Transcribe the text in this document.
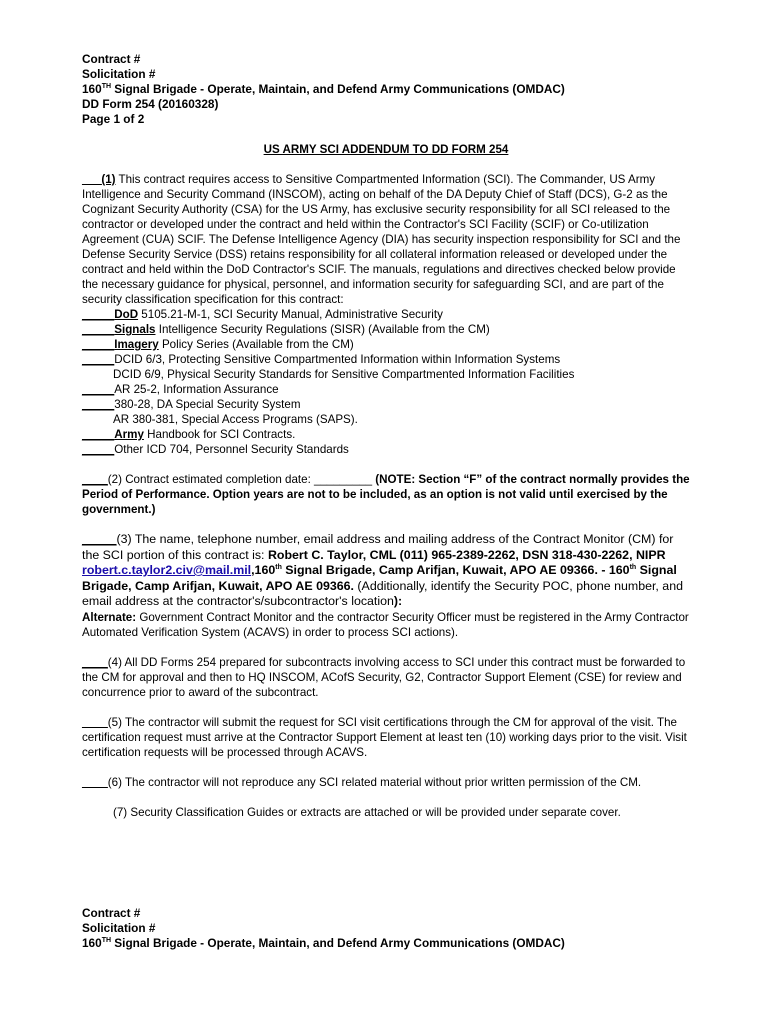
Contract #
Solicitation #
160TH Signal Brigade - Operate, Maintain, and Defend Army Communications (OMDAC)
DD Form 254 (20160328)
Page 1 of 2
US ARMY SCI ADDENDUM TO DD FORM 254
___(1) This contract requires access to Sensitive Compartmented Information (SCI). The Commander, US Army Intelligence and Security Command (INSCOM), acting on behalf of the DA Deputy Chief of Staff (DCS), G-2 as the Cognizant Security Authority (CSA) for the US Army, has exclusive security responsibility for all SCI released to the contractor or developed under the contract and held within the Contractor's SCI Facility (SCIF) or Co-utilization Agreement (CUA) SCIF. The Defense Intelligence Agency (DIA) has security inspection responsibility for SCI and the Defense Security Service (DSS) retains responsibility for all collateral information released or developed under the contract and held within the DoD Contractor's SCIF. The manuals, regulations and directives checked below provide the necessary guidance for physical, personnel, and information security for safeguarding SCI, and are part of the security classification specification for this contract:
_____DoD 5105.21-M-1, SCI Security Manual, Administrative Security
_____Signals Intelligence Security Regulations (SISR) (Available from the CM)
_____Imagery Policy Series (Available from the CM)
_____DCID 6/3, Protecting Sensitive Compartmented Information within Information Systems
DCID 6/9, Physical Security Standards for Sensitive Compartmented Information Facilities
_____AR 25-2, Information Assurance
_____380-28, DA Special Security System
AR 380-381, Special Access Programs (SAPS).
_____Army Handbook for SCI Contracts.
_____Other ICD 704, Personnel Security Standards
____(2) Contract estimated completion date: _________ (NOTE: Section “F” of the contract normally provides the Period of Performance. Option years are not to be included, as an option is not valid until exercised by the government.)
_____(3) The name, telephone number, email address and mailing address of the Contract Monitor (CM) for the SCI portion of this contract is: Robert C. Taylor, CML (011) 965-2389-2262, DSN 318-430-2262, NIPR robert.c.taylor2.civ@mail.mil,160th Signal Brigade, Camp Arifjan, Kuwait, APO AE 09366. - 160th Signal Brigade, Camp Arifjan, Kuwait, APO AE 09366. (Additionally, identify the Security POC, phone number, and email address at the contractor's/subcontractor's location):
Alternate: Government Contract Monitor and the contractor Security Officer must be registered in the Army Contractor Automated Verification System (ACAVS) in order to process SCI actions).
____(4) All DD Forms 254 prepared for subcontracts involving access to SCI under this contract must be forwarded to the CM for approval and then to HQ INSCOM, ACofS Security, G2, Contractor Support Element (CSE) for review and concurrence prior to award of the subcontract.
____(5) The contractor will submit the request for SCI visit certifications through the CM for approval of the visit. The certification request must arrive at the Contractor Support Element at least ten (10) working days prior to the visit. Visit certification requests will be processed through ACAVS.
____(6) The contractor will not reproduce any SCI related material without prior written permission of the CM.
(7) Security Classification Guides or extracts are attached or will be provided under separate cover.
Contract #
Solicitation #
160TH Signal Brigade - Operate, Maintain, and Defend Army Communications (OMDAC)
